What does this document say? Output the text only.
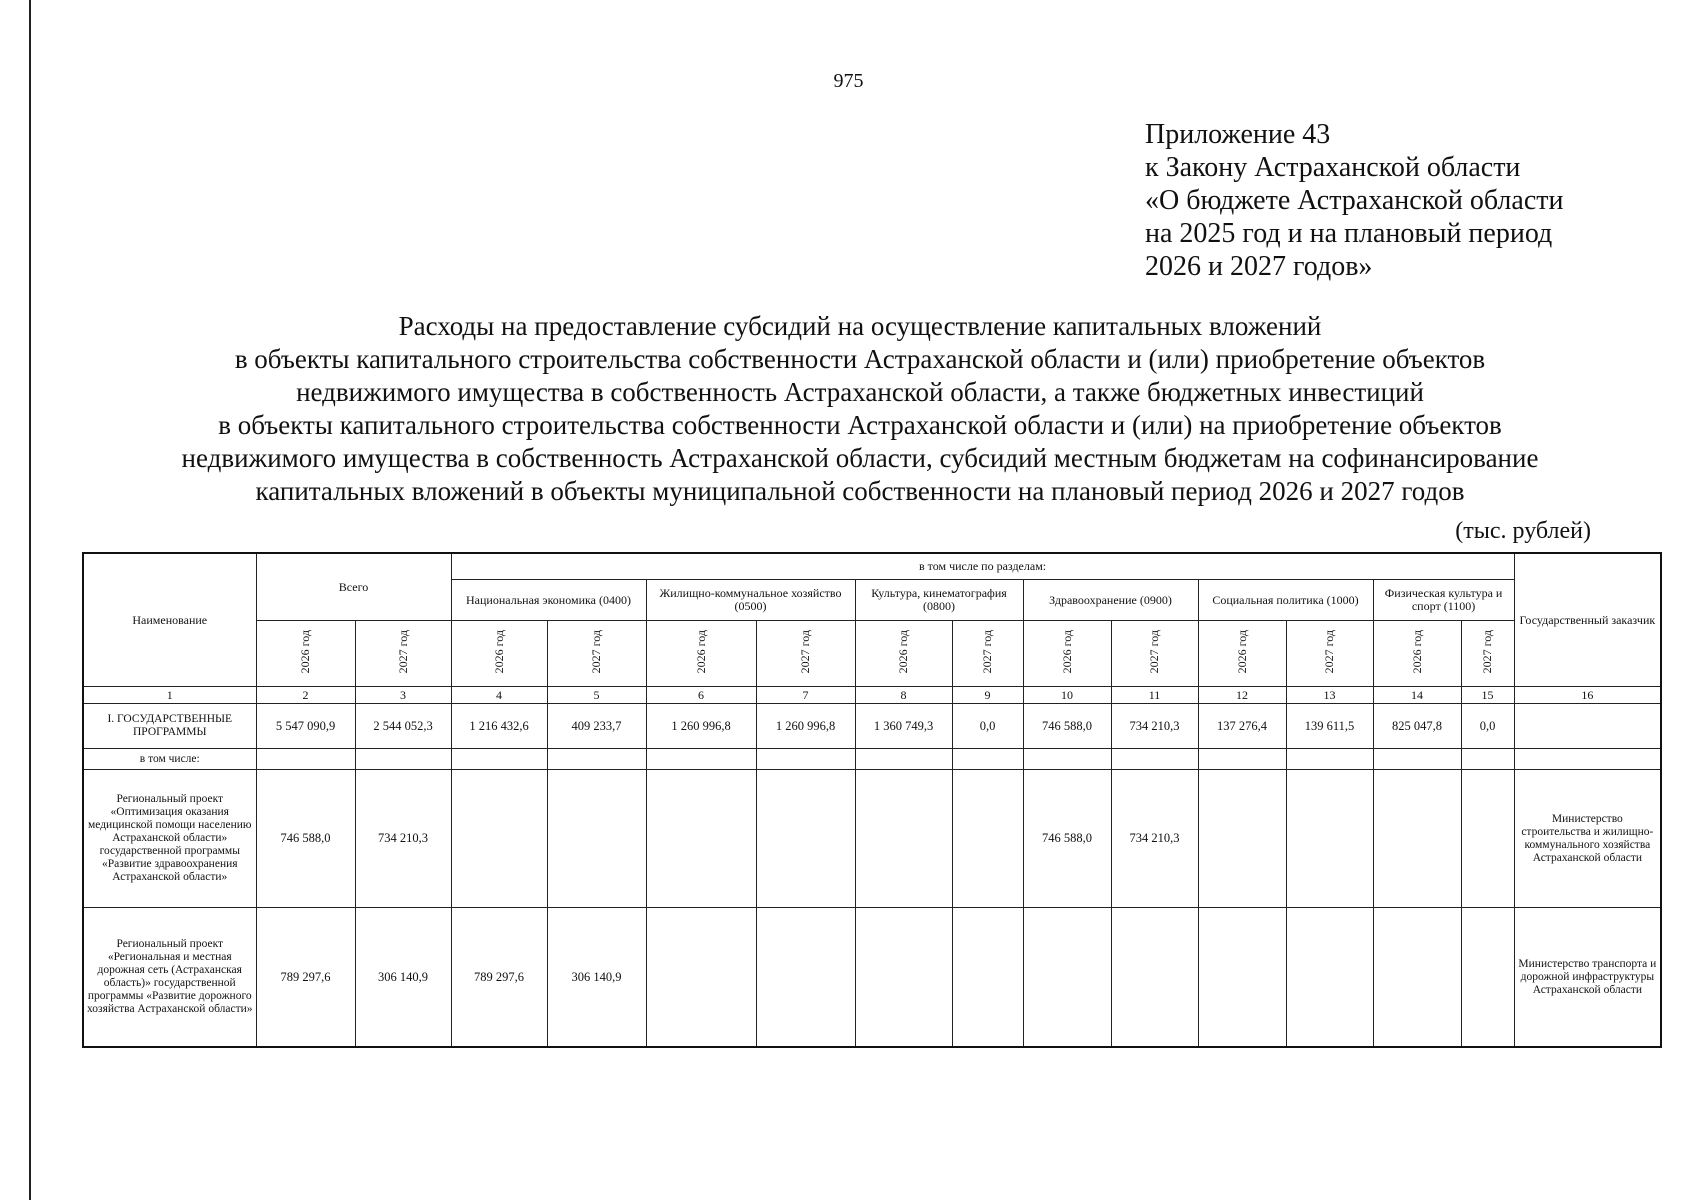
975
Приложение 43
к Закону Астраханской области
«О бюджете Астраханской области
на 2025 год и на плановый период
2026 и 2027 годов»
Расходы на предоставление субсидий на осуществление капитальных вложений
в объекты капитального строительства собственности Астраханской области и (или) приобретение объектов
недвижимого имущества в собственность Астраханской области, а также бюджетных инвестиций
в объекты капитального строительства собственности Астраханской области и (или) на приобретение объектов
недвижимого имущества в собственность Астраханской области, субсидий местным бюджетам на софинансирование
капитальных вложений в объекты муниципальной собственности на плановый период 2026 и 2027 годов
(тыс. рублей)
Наименование	Всего		в том числе по разделам:												Государственный заказчик
			Национальная экономика (0400)		Жилищно-коммунальное хозяйство (0500)		Культура, кинематография (0800)		Здравоохранение (0900)		Социальная политика (1000)		Физическая культура и спорт (1100)		
	2026 год	2027 год	2026 год	2027 год	2026 год	2027 год	2026 год	2027 год	2026 год	2027 год	2026 год	2027 год	2026 год	2027 год	
1	2	3	4	5	6	7	8	9	10	11	12	13	14	15	16
I. ГОСУДАРСТВЕННЫЕ ПРОГРАММЫ	5 547 090,9	2 544 052,3	1 216 432,6	409 233,7	1 260 996,8	1 260 996,8	1 360 749,3	0,0	746 588,0	734 210,3	137 276,4	139 611,5	825 047,8	0,0	
в том числе:															
Региональный проект «Оптимизация оказания медицинской помощи населению Астраханской области» государственной программы «Развитие здравоохранения Астраханской области»	746 588,0	734 210,3							746 588,0	734 210,3					Министерство строительства и жилищно-коммунального хозяйства Астраханской области
Региональный проект «Региональная и местная дорожная сеть (Астраханская область)» государственной программы «Развитие дорожного хозяйства Астраханской области»	789 297,6	306 140,9	789 297,6	306 140,9											Министерство транспорта и дорожной инфраструктуры Астраханской области
